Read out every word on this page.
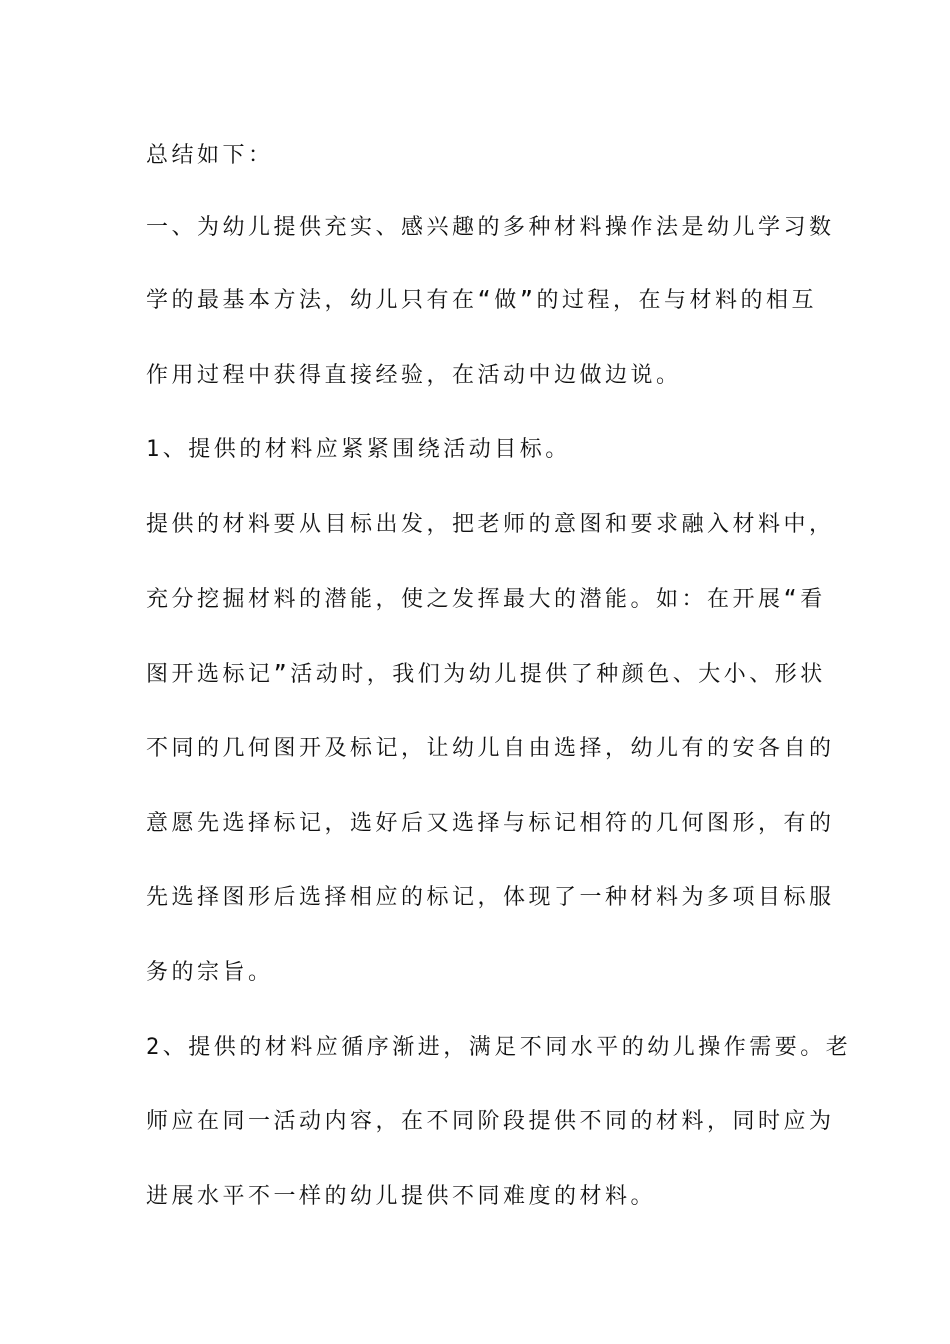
总结如下：
一、为幼儿提供充实、感兴趣的多种材料操作法是幼儿学习数
学的最基本方法，幼儿只有在“做”的过程，在与材料的相互
作用过程中获得直接经验，在活动中边做边说。
1、提供的材料应紧紧围绕活动目标。
提供的材料要从目标出发，把老师的意图和要求融入材料中，
充分挖掘材料的潜能，使之发挥最大的潜能。如：在开展“看
图开选标记”活动时，我们为幼儿提供了种颜色、大小、形状
不同的几何图开及标记，让幼儿自由选择，幼儿有的安各自的
意愿先选择标记，选好后又选择与标记相符的几何图形，有的
先选择图形后选择相应的标记，体现了一种材料为多项目标服
务的宗旨。
2、提供的材料应循序渐进，满足不同水平的幼儿操作需要。老
师应在同一活动内容，在不同阶段提供不同的材料，同时应为
进展水平不一样的幼儿提供不同难度的材料。
